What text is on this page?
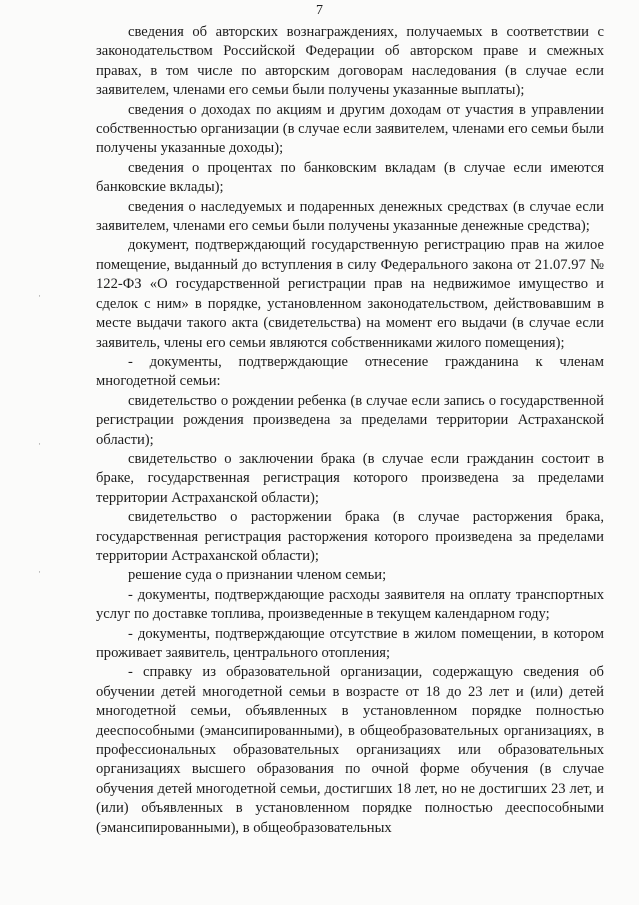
7

сведения об авторских вознаграждениях, получаемых в соответствии с законодательством Российской Федерации об авторском праве и смежных правах, в том числе по авторским договорам наследования (в случае если заявителем, членами его семьи были получены указанные выплаты);

сведения о доходах по акциям и другим доходам от участия в управлении собственностью организации (в случае если заявителем, членами его семьи были получены указанные доходы);

сведения о процентах по банковским вкладам (в случае если имеются банковские вклады);

сведения о наследуемых и подаренных денежных средствах (в случае если заявителем, членами его семьи были получены указанные денежные средства);

документ, подтверждающий государственную регистрацию прав на жилое помещение, выданный до вступления в силу Федерального закона от 21.07.97 № 122-ФЗ «О государственной регистрации прав на недвижимое имущество и сделок с ним» в порядке, установленном законодательством, действовавшим в месте выдачи такого акта (свидетельства) на момент его выдачи (в случае если заявитель, члены его семьи являются собственниками жилого помещения);

- документы, подтверждающие отнесение гражданина к членам многодетной семьи:

свидетельство о рождении ребенка (в случае если запись о государственной регистрации рождения произведена за пределами территории Астраханской области);

свидетельство о заключении брака (в случае если гражданин состоит в браке, государственная регистрация которого произведена за пределами территории Астраханской области);

свидетельство о расторжении брака (в случае расторжения брака, государственная регистрация расторжения которого произведена за пределами территории Астраханской области);

решение суда о признании членом семьи;

- документы, подтверждающие расходы заявителя на оплату транспортных услуг по доставке топлива, произведенные в текущем календарном году;

- документы, подтверждающие отсутствие в жилом помещении, в котором проживает заявитель, центрального отопления;

- справку из образовательной организации, содержащую сведения об обучении детей многодетной семьи в возрасте от 18 до 23 лет и (или) детей многодетной семьи, объявленных в установленном порядке полностью дееспособными (эмансипированными), в общеобразовательных организациях, в профессиональных образовательных организациях или образовательных организациях высшего образования по очной форме обучения (в случае обучения детей многодетной семьи, достигших 18 лет, но не достигших 23 лет, и (или) объявленных в установленном порядке полностью дееспособными (эмансипированными), в общеобразовательных

·
·
·
